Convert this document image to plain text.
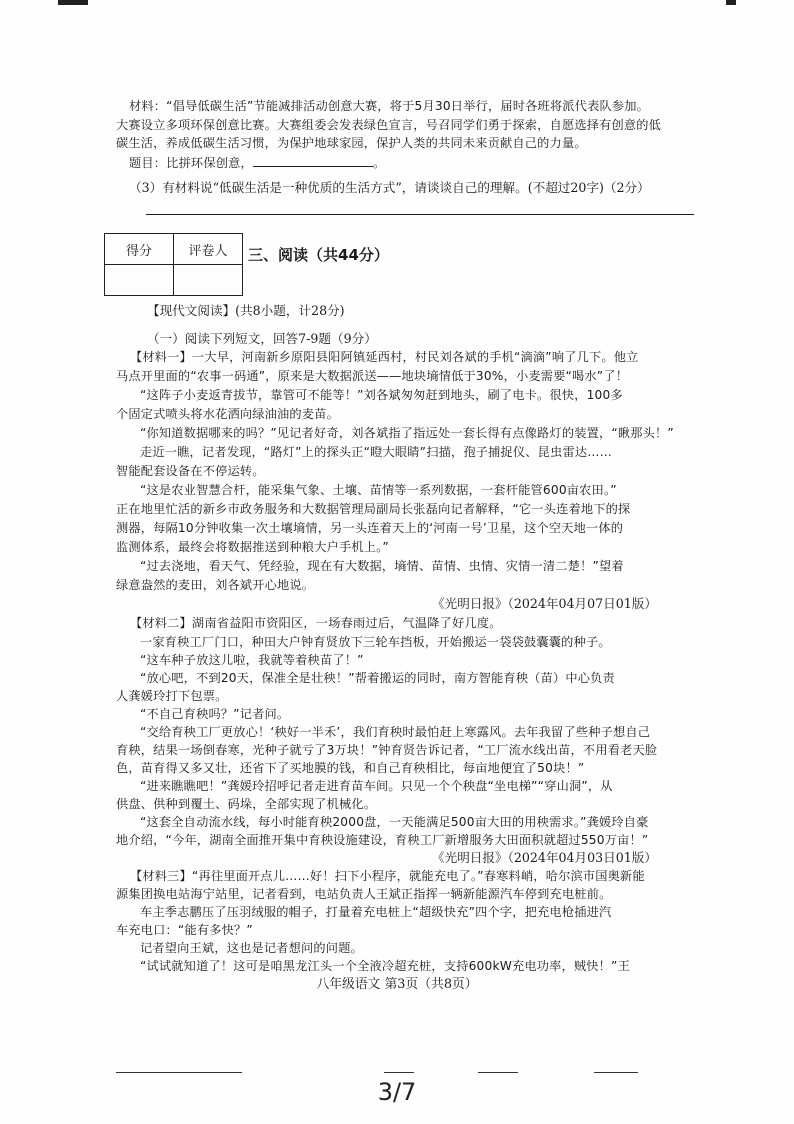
材料：“倡导低碳生活”节能减排活动创意大赛，将于5月30日举行，届时各班将派代表队参加。
大赛设立多项环保创意比赛。大赛组委会发表绿色宣言，号召同学们勇于探索，自愿选择有创意的低
碳生活，养成低碳生活习惯，为保护地球家园，保护人类的共同未来贡献自己的力量。
题目：比拼环保创意，	。
（3）有材料说“低碳生活是一种优质的生活方式”，请谈谈自己的理解。(不超过20字)（2分）
得分	评卷人
	三、阅读（共44分）
【现代文阅读】(共8小题，计28分)
（一）阅读下列短文，回答7-9题（9分）
【材料一】一大早，河南新乡原阳县阳阿镇延西村，村民刘各斌的手机“滴滴”响了几下。他立
马点开里面的“农事一码通”，原来是大数据派送——地块墒情低于30%，小麦需要“喝水”了！
“这阵子小麦返青拔节，靠管可不能等！”刘各斌匆匆赶到地头，刷了电卡。很快，100多
个固定式喷头将水花洒向绿油油的麦苗。
“你知道数据哪来的吗？”见记者好奇，刘各斌指了指远处一套长得有点像路灯的装置，“瞅那头！”
走近一瞧，记者发现，“路灯”上的探头正“瞪大眼睛”扫描，孢子捕捉仪、昆虫雷达……
智能配套设备在不停运转。
“这是农业智慧合杆，能采集气象、土壤、苗情等一系列数据，一套杆能管600亩农田。”
正在地里忙活的新乡市政务服务和大数据管理局副局长张磊向记者解释，“它一头连着地下的探
测器，每隔10分钟收集一次土壤墒情，另一头连着天上的‘河南一号’卫星，这个空天地一体的
监测体系，最终会将数据推送到种粮大户手机上。”
“过去浇地，看天气、凭经验，现在有大数据，墒情、苗情、虫情、灾情一清二楚！”望着
绿意盎然的麦田，刘各斌开心地说。
《光明日报》（2024年04月07日01版）
【材料二】湖南省益阳市资阳区，一场春雨过后，气温降了好几度。
一家育秧工厂门口，种田大户钟育贤放下三轮车挡板，开始搬运一袋袋鼓囊囊的种子。
“这车种子放这儿啦，我就等着秧苗了！”
“放心吧，不到20天，保准全是壮秧！”帮着搬运的同时，南方智能育秧（苗）中心负责
人龚媛玲打下包票。
“不自己育秧吗？”记者问。
“交给育秧工厂更放心！‘秧好一半禾’，我们育秧时最怕赶上寒露风。去年我留了些种子想自己
育秧，结果一场倒春寒，光种子就亏了3万块！”钟育贤告诉记者，“工厂流水线出苗，不用看老天脸
色，苗育得又多又壮，还省下了买地膜的钱，和自己育秧相比，每亩地便宜了50块！”
“进来瞧瞧吧！”龚媛玲招呼记者走进育苗车间。只见一个个秧盘“坐电梯”“穿山洞”，从
供盘、供种到覆土、码垛，全部实现了机械化。
“这套全自动流水线，每小时能育秧2000盘，一天能满足500亩大田的用秧需求。”龚媛玲自豪
地介绍，“今年，湖南全面推开集中育秧设施建设，育秧工厂新增服务大田面积就超过550万亩！”
《光明日报》（2024年04月03日01版）
【材料三】“再往里面开点儿……好！扫下小程序，就能充电了。”春寒料峭，哈尔滨市国奥新能
源集团换电站海宁站里，记者看到，电站负责人王斌正指挥一辆新能源汽车停到充电桩前。
车主季志鹏压了压羽绒服的帽子，打量着充电桩上“超级快充”四个字，把充电枪插进汽
车充电口：“能有多快？”
记者望向王斌，这也是记者想问的问题。
“试试就知道了！这可是咱黑龙江头一个全液冷超充桩，支持600kW充电功率，贼快！”王
八年级语文 第3页（共8页）
3/7
